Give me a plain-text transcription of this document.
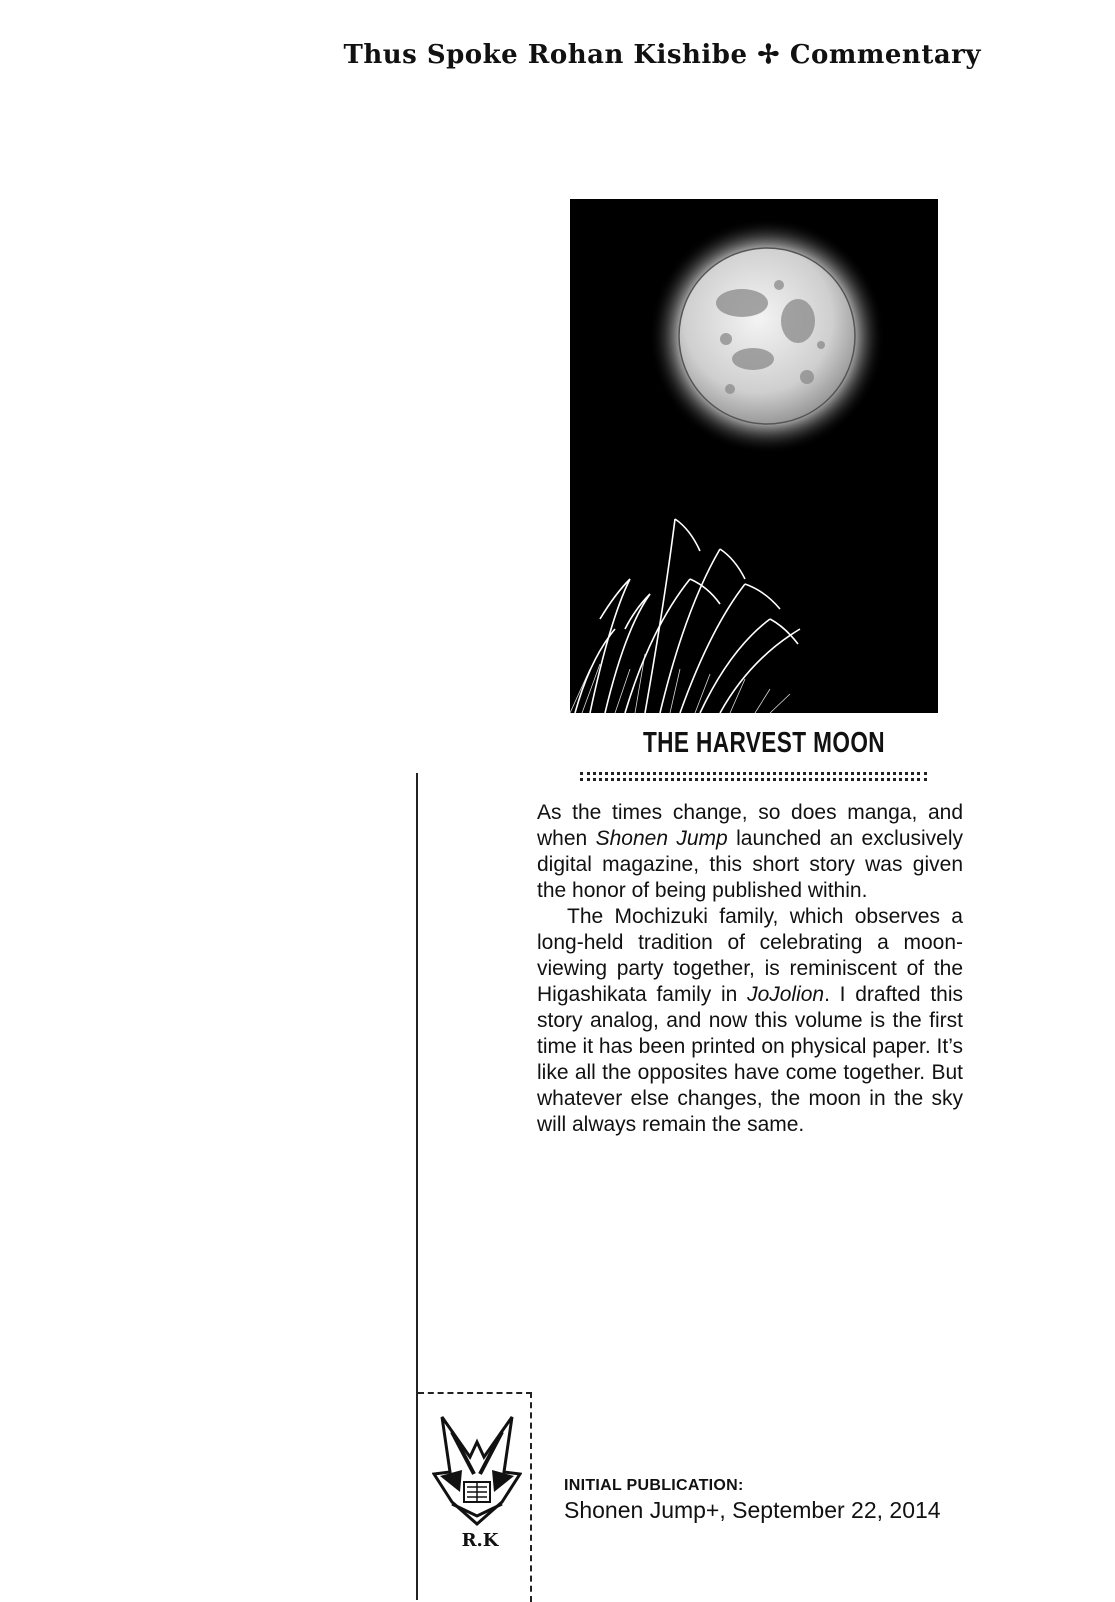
Thus Spoke Rohan Kishibe ✢ Commentary
THE HARVEST MOON

As the times change, so does manga, and when Shonen Jump launched an exclusively digital magazine, this short story was given the honor of being published within.

The Mochizuki family, which observes a long-held tradition of celebrating a moon-viewing party together, is reminiscent of the Higashikata family in JoJolion. I drafted this story analog, and now this volume is the first time it has been printed on physical paper. It’s like all the opposites have come together. But whatever else changes, the moon in the sky will always remain the same.

R.K
INITIAL PUBLICATION:
Shonen Jump+, September 22, 2014
